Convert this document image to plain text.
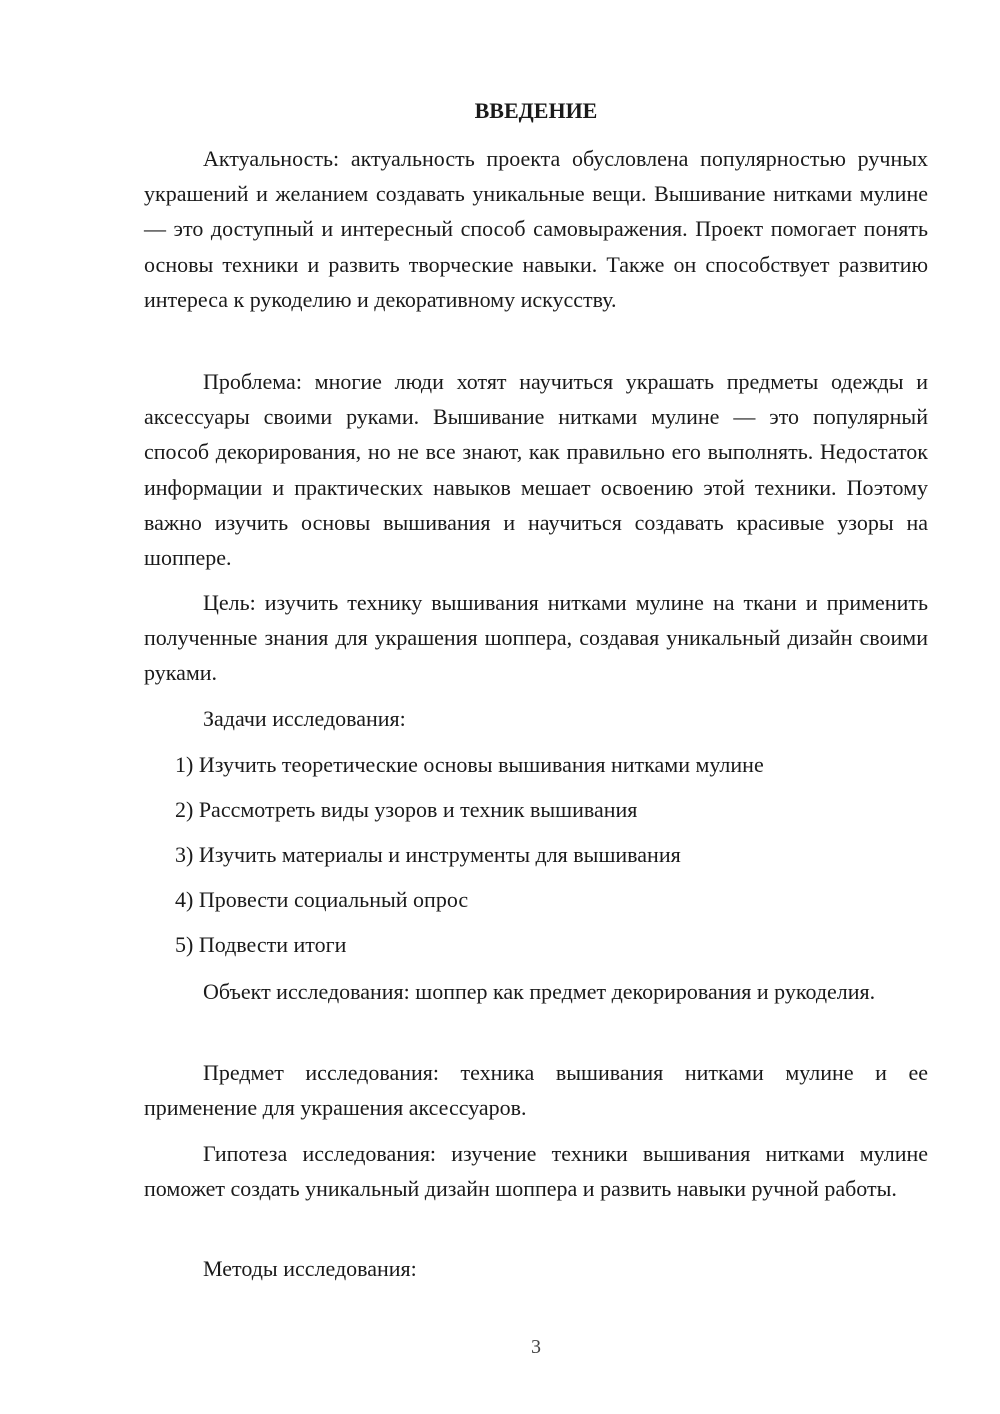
ВВЕДЕНИЕ

Актуальность: актуальность проекта обусловлена популярностью ручных украшений и желанием создавать уникальные вещи. Вышивание нитками мулине — это доступный и интересный способ самовыражения. Проект помогает понять основы техники и развить творческие навыки. Также он способствует развитию интереса к рукоделию и декоративному искусству.

Проблема: многие люди хотят научиться украшать предметы одежды и аксессуары своими руками. Вышивание нитками мулине — это популярный способ декорирования, но не все знают, как правильно его выполнять. Недостаток информации и практических навыков мешает освоению этой техники. Поэтому важно изучить основы вышивания и научиться создавать красивые узоры на шоппере.

Цель: изучить технику вышивания нитками мулине на ткани и применить полученные знания для украшения шоппера, создавая уникальный дизайн своими руками.

Задачи исследования:

1) Изучить теоретические основы вышивания нитками мулине
2) Рассмотреть виды узоров и техник вышивания
3) Изучить материалы и инструменты для вышивания
4) Провести социальный опрос
5) Подвести итоги

Объект исследования: шоппер как предмет декорирования и рукоделия.

Предмет исследования: техника вышивания нитками мулине и ее применение для украшения аксессуаров.

Гипотеза исследования: изучение техники вышивания нитками мулине поможет создать уникальный дизайн шоппера и развить навыки ручной работы.

Методы исследования:

3
